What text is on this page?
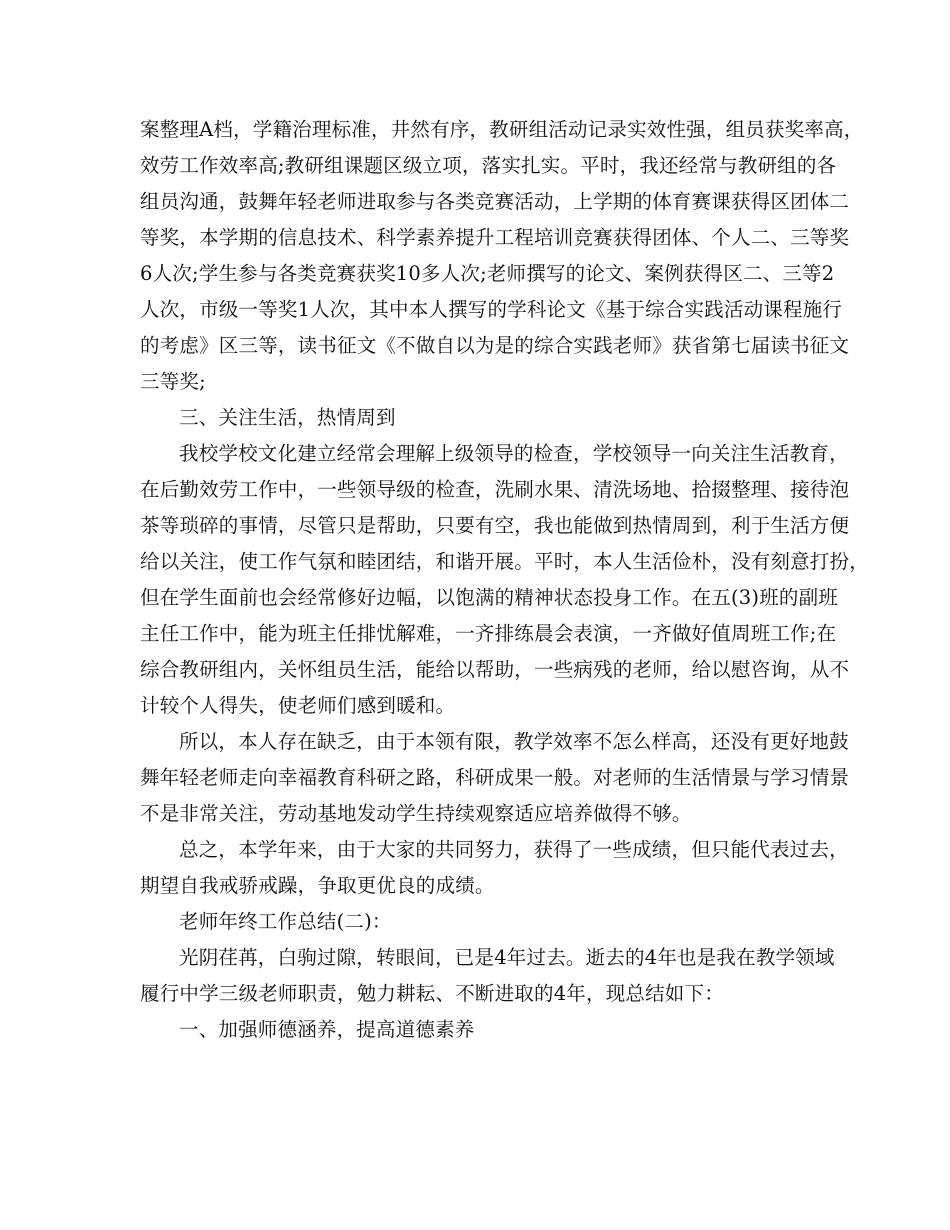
案整理A档，学籍治理标准，井然有序，教研组活动记录实效性强，组员获奖率高，
效劳工作效率高;教研组课题区级立项，落实扎实。平时，我还经常与教研组的各
组员沟通，鼓舞年轻老师进取参与各类竞赛活动，上学期的体育赛课获得区团体二
等奖，本学期的信息技术、科学素养提升工程培训竞赛获得团体、个人二、三等奖
6人次;学生参与各类竞赛获奖10多人次;老师撰写的论文、案例获得区二、三等2
人次，市级一等奖1人次，其中本人撰写的学科论文《基于综合实践活动课程施行
的考虑》区三等，读书征文《不做自以为是的综合实践老师》获省第七届读书征文
三等奖;
三、关注生活，热情周到
我校学校文化建立经常会理解上级领导的检查，学校领导一向关注生活教育，
在后勤效劳工作中，一些领导级的检查，洗刷水果、清洗场地、拾掇整理、接待泡
茶等琐碎的事情，尽管只是帮助，只要有空，我也能做到热情周到，利于生活方便
给以关注，使工作气氛和睦团结，和谐开展。平时，本人生活俭朴，没有刻意打扮，
但在学生面前也会经常修好边幅，以饱满的精神状态投身工作。在五(3)班的副班
主任工作中，能为班主任排忧解难，一齐排练晨会表演，一齐做好值周班工作;在
综合教研组内，关怀组员生活，能给以帮助，一些病残的老师，给以慰咨询，从不
计较个人得失，使老师们感到暖和。
所以，本人存在缺乏，由于本领有限，教学效率不怎么样高，还没有更好地鼓
舞年轻老师走向幸福教育科研之路，科研成果一般。对老师的生活情景与学习情景
不是非常关注，劳动基地发动学生持续观察适应培养做得不够。
总之，本学年来，由于大家的共同努力，获得了一些成绩，但只能代表过去，
期望自我戒骄戒躁，争取更优良的成绩。
老师年终工作总结(二)：
光阴荏苒，白驹过隙，转眼间，已是4年过去。逝去的4年也是我在教学领域
履行中学三级老师职责，勉力耕耘、不断进取的4年，现总结如下：
一、加强师德涵养，提高道德素养
